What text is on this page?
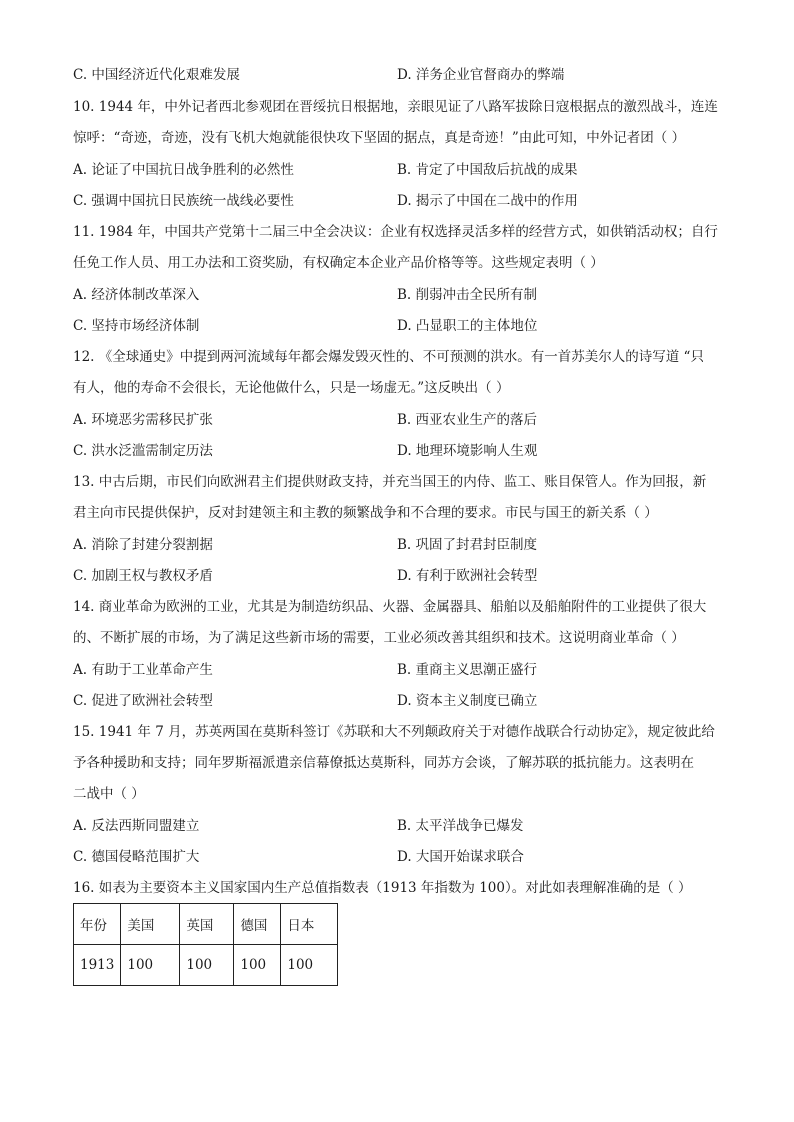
C. 中国经济近代化艰难发展	D. 洋务企业官督商办的弊端
10. 1944 年，中外记者西北参观团在晋绥抗日根据地，亲眼见证了八路军拔除日寇根据点的激烈战斗，连连
惊呼：“奇迹，奇迹，没有飞机大炮就能很快攻下坚固的据点，真是奇迹！”由此可知，中外记者团（ ）
A. 论证了中国抗日战争胜利的必然性	B. 肯定了中国敌后抗战的成果
C. 强调中国抗日民族统一战线必要性	D. 揭示了中国在二战中的作用
11. 1984 年，中国共产党第十二届三中全会决议：企业有权选择灵活多样的经营方式，如供销活动权；自行
任免工作人员、用工办法和工资奖励，有权确定本企业产品价格等等。这些规定表明（ ）
A. 经济体制改革深入	B. 削弱冲击全民所有制
C. 坚持市场经济体制	D. 凸显职工的主体地位
12. 《全球通史》中提到两河流域每年都会爆发毁灭性的、不可预测的洪水。有一首苏美尔人的诗写道 “只
有人，他的寿命不会很长，无论他做什么，只是一场虚无。”这反映出（ ）
A. 环境恶劣需移民扩张	B. 西亚农业生产的落后
C. 洪水泛滥需制定历法	D. 地理环境影响人生观
13. 中古后期，市民们向欧洲君主们提供财政支持，并充当国王的内侍、监工、账目保管人。作为回报，新
君主向市民提供保护，反对封建领主和主教的频繁战争和不合理的要求。市民与国王的新关系（ ）
A. 消除了封建分裂割据	B. 巩固了封君封臣制度
C. 加剧王权与教权矛盾	D. 有利于欧洲社会转型
14. 商业革命为欧洲的工业，尤其是为制造纺织品、火器、金属器具、船舶以及船舶附件的工业提供了很大
的、不断扩展的市场，为了满足这些新市场的需要，工业必须改善其组织和技术。这说明商业革命（ ）
A. 有助于工业革命产生	B. 重商主义思潮正盛行
C. 促进了欧洲社会转型	D. 资本主义制度已确立
15. 1941 年 7 月，苏英两国在莫斯科签订《苏联和大不列颠政府关于对德作战联合行动协定》，规定彼此给
予各种援助和支持；同年罗斯福派遣亲信幕僚抵达莫斯科，同苏方会谈，了解苏联的抵抗能力。这表明在
二战中（ ）
A. 反法西斯同盟建立	B. 太平洋战争已爆发
C. 德国侵略范围扩大	D. 大国开始谋求联合
16. 如表为主要资本主义国家国内生产总值指数表（1913 年指数为 100）。对此如表理解准确的是（ ）
年份	美国	英国	德国	日本
1913	100	100	100	100
